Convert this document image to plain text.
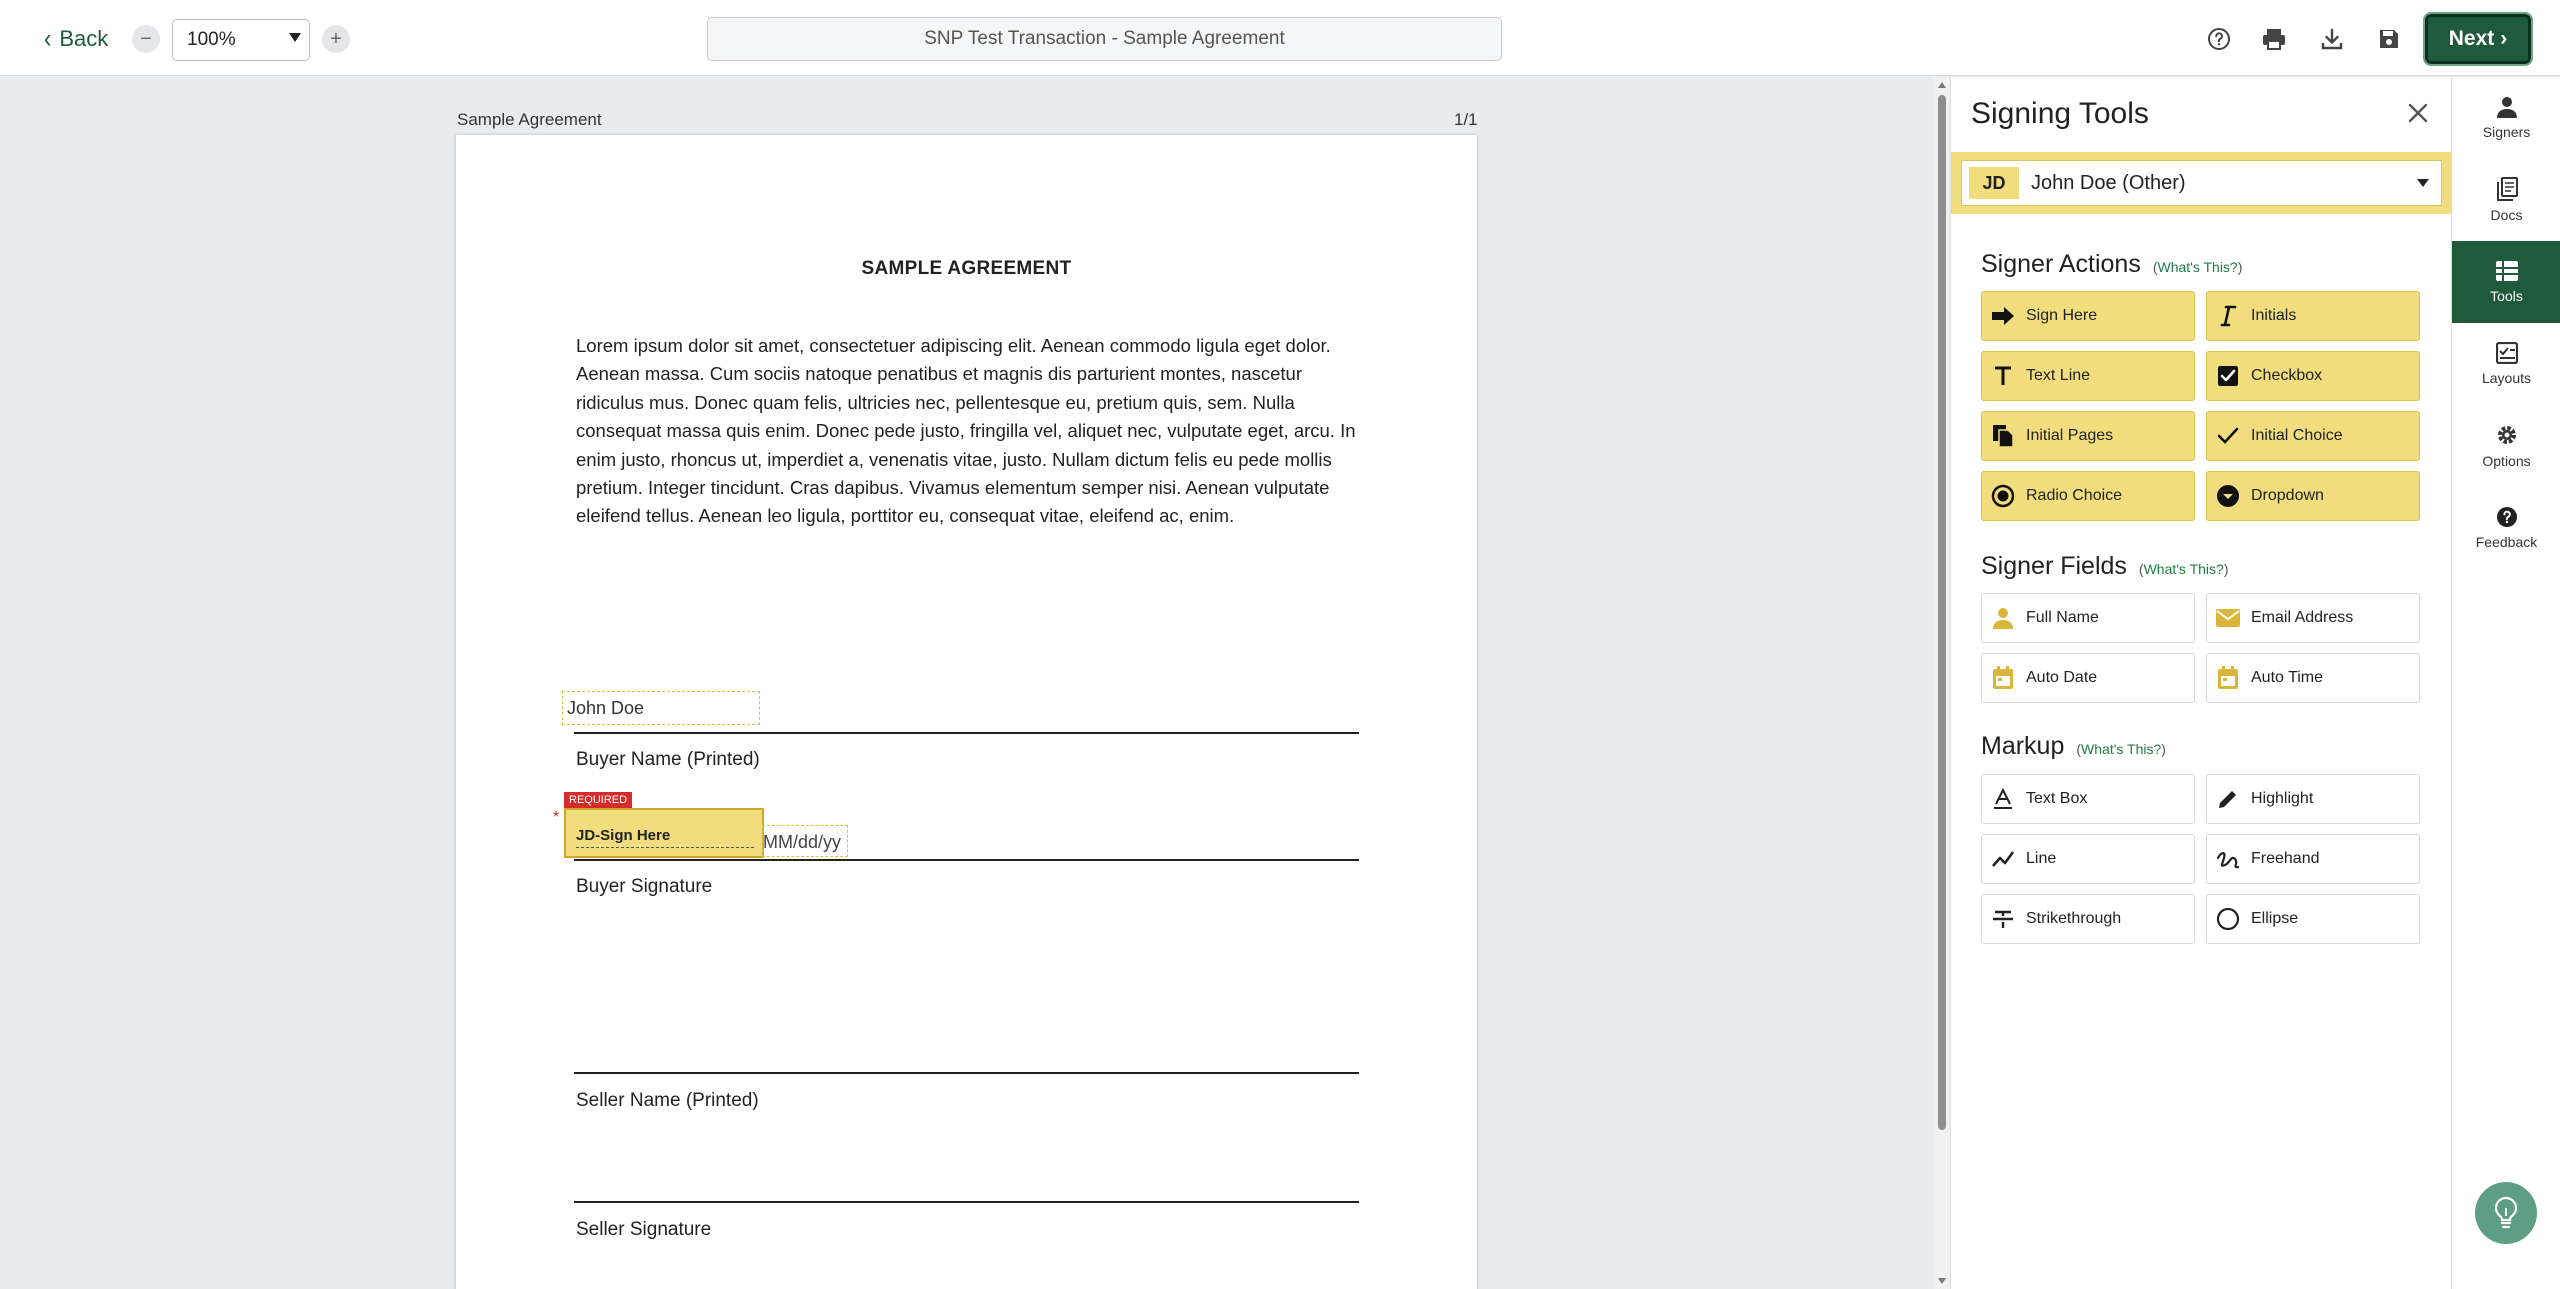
‹ Back	−	100%	+	SNP Test Transaction - Sample Agreement	Next ›
Sample Agreement	1/1
SAMPLE AGREEMENT
Lorem ipsum dolor sit amet, consectetuer adipiscing elit. Aenean commodo ligula eget dolor. Aenean massa. Cum sociis natoque penatibus et magnis dis parturient montes, nascetur ridiculus mus. Donec quam felis, ultricies nec, pellentesque eu, pretium quis, sem. Nulla consequat massa quis enim. Donec pede justo, fringilla vel, aliquet nec, vulputate eget, arcu. In enim justo, rhoncus ut, imperdiet a, venenatis vitae, justo. Nullam dictum felis eu pede mollis pretium. Integer tincidunt. Cras dapibus. Vivamus elementum semper nisi. Aenean vulputate eleifend tellus. Aenean leo ligula, porttitor eu, consequat vitae, eleifend ac, enim.
John Doe
Buyer Name (Printed)
REQUIRED
*
JD-Sign Here	MM/dd/yy
Buyer Signature
Seller Name (Printed)
Seller Signature
Signing Tools
JD	John Doe (Other)
Signer Actions (What's This?)
Sign Here	Initials
Text Line	Checkbox
Initial Pages	Initial Choice
Radio Choice	Dropdown
Signer Fields (What's This?)
Full Name	Email Address
Auto Date	Auto Time
Markup (What's This?)
Text Box	Highlight
Line	Freehand
Strikethrough	Ellipse
Signers
Docs
Tools
Layouts
Options
Feedback
